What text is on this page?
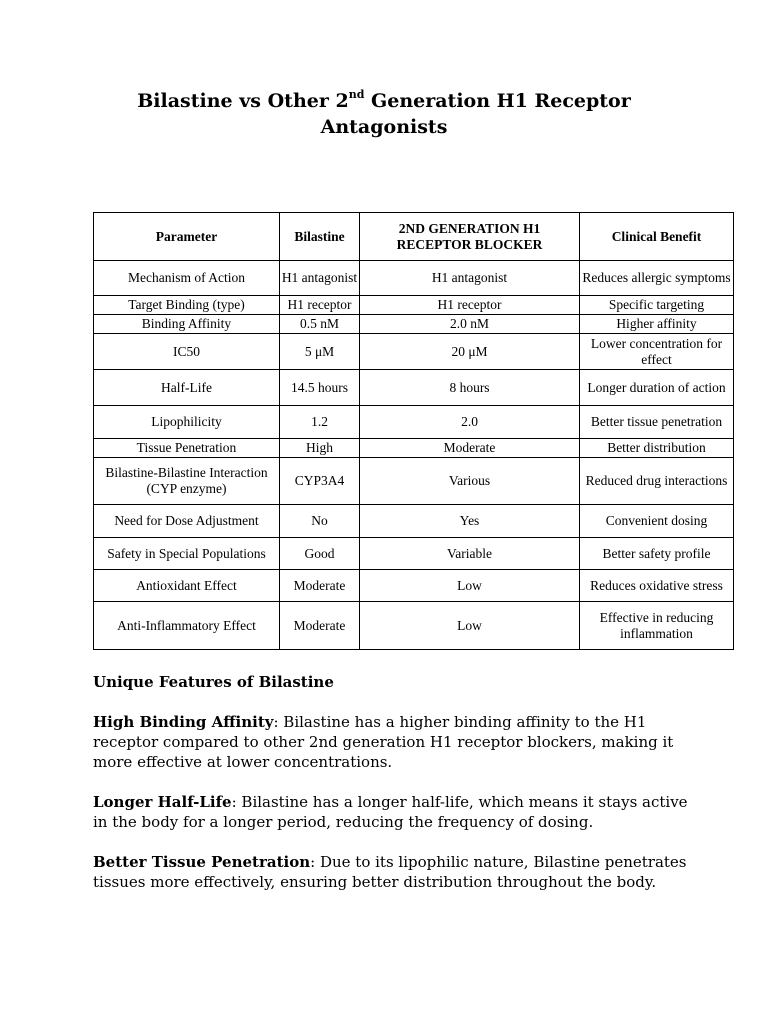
Bilastine vs Other 2nd Generation H1 Receptor
Antagonists
Parameter	Bilastine	2ND GENERATION H1 RECEPTOR BLOCKER	Clinical Benefit
Mechanism of Action	H1 antagonist	H1 antagonist	Reduces allergic symptoms
Target Binding (type)	H1 receptor	H1 receptor	Specific targeting
Binding Affinity	0.5 nM	2.0 nM	Higher affinity
IC50	5 μM	20 μM	Lower concentration for effect
Half-Life	14.5 hours	8 hours	Longer duration of action
Lipophilicity	1.2	2.0	Better tissue penetration
Tissue Penetration	High	Moderate	Better distribution
Bilastine-Bilastine Interaction (CYP enzyme)	CYP3A4	Various	Reduced drug interactions
Need for Dose Adjustment	No	Yes	Convenient dosing
Safety in Special Populations	Good	Variable	Better safety profile
Antioxidant Effect	Moderate	Low	Reduces oxidative stress
Anti-Inflammatory Effect	Moderate	Low	Effective in reducing inflammation

Unique Features of Bilastine

High Binding Affinity: Bilastine has a higher binding affinity to the H1 receptor compared to other 2nd generation H1 receptor blockers, making it more effective at lower concentrations.

Longer Half-Life: Bilastine has a longer half-life, which means it stays active in the body for a longer period, reducing the frequency of dosing.

Better Tissue Penetration: Due to its lipophilic nature, Bilastine penetrates tissues more effectively, ensuring better distribution throughout the body.
